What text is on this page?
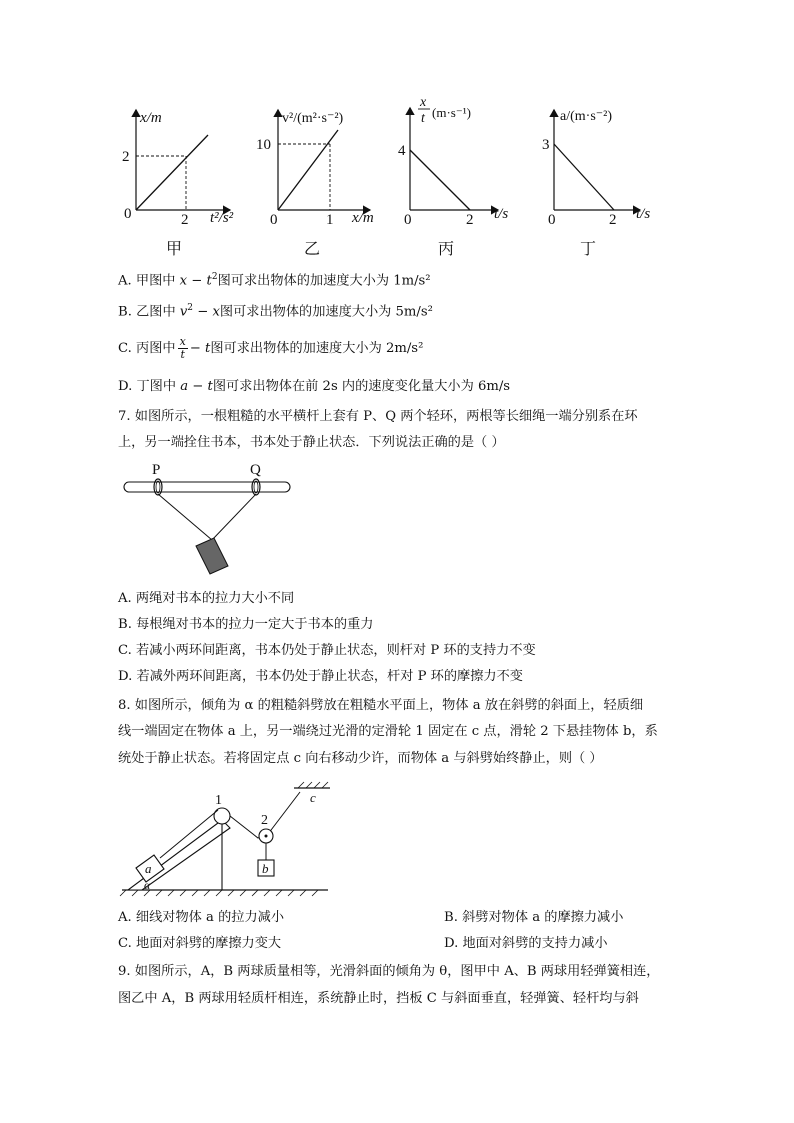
x/m
2
0	2 t²/s²
甲
v²/(m²·s⁻²)
10
0	1 x/m
乙
x
t (m·s⁻¹)
4
0	2 t/s
丙
a/(m·s⁻²)
3
0	2 t/s
丁
A. 甲图中 $x - t^2$图可求出物体的加速度大小为 1m/s²
B. 乙图中 $v^2 - x$图可求出物体的加速度大小为 5m/s²
C. 丙图中 $\frac{x}{t} - t$图可求出物体的加速度大小为 2m/s²
D. 丁图中 a − t图可求出物体在前 2s 内的速度变化量大小为 6m/s
7. 如图所示，一根粗糙的水平横杆上套有 P、Q 两个轻环，两根等长细绳一端分别系在环
上，另一端拴住书本，书本处于静止状态．下列说法正确的是（ ）
P	Q
A. 两绳对书本的拉力大小不同
B. 每根绳对书本的拉力一定大于书本的重力
C. 若减小两环间距离，书本仍处于静止状态，则杆对 P 环的支持力不变
D. 若减外两环间距离，书本仍处于静止状态，杆对 P 环的摩擦力不变
8. 如图所示，倾角为 α 的粗糙斜劈放在粗糙水平面上，物体 a 放在斜劈的斜面上，轻质细
线一端固定在物体 a 上，另一端绕过光滑的定滑轮 1 固定在 c 点，滑轮 2 下悬挂物体 b，系
统处于静止状态。若将固定点 c 向右移动少许，而物体 a 与斜劈始终静止，则（ ）
a
1
2
b
c
α
A. 细线对物体 a 的拉力减小	B. 斜劈对物体 a 的摩擦力减小
C. 地面对斜劈的摩擦力变大	D. 地面对斜劈的支持力减小
9. 如图所示，A，B 两球质量相等，光滑斜面的倾角为 θ，图甲中 A、B 两球用轻弹簧相连，
图乙中 A，B 两球用轻质杆相连，系统静止时，挡板 C 与斜面垂直，轻弹簧、轻杆均与斜
